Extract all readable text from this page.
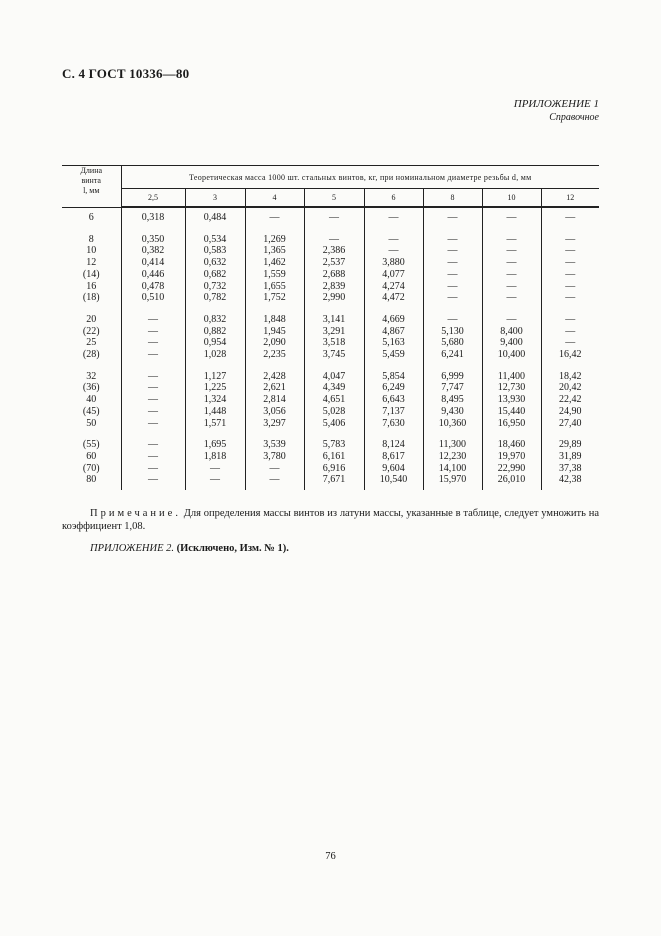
С. 4 ГОСТ 10336—80
ПРИЛОЖЕНИЕ 1
Справочное
Длина
винта
l, мм	Теоретическая масса 1000 шт. стальных винтов, кг, при номинальном диаметре резьбы d, мм							
	2,5	3	4	5	6	8	10	12
6	0,318	0,484	—	—	—	—	—	—

8	0,350	0,534	1,269	—	—	—	—	—
10	0,382	0,583	1,365	2,386	—	—	—	—
12	0,414	0,632	1,462	2,537	3,880	—	—	—
(14)	0,446	0,682	1,559	2,688	4,077	—	—	—
16	0,478	0,732	1,655	2,839	4,274	—	—	—
(18)	0,510	0,782	1,752	2,990	4,472	—	—	—

20	—	0,832	1,848	3,141	4,669	—	—	—
(22)	—	0,882	1,945	3,291	4,867	5,130	8,400	—
25	—	0,954	2,090	3,518	5,163	5,680	9,400	—
(28)	—	1,028	2,235	3,745	5,459	6,241	10,400	16,42

32	—	1,127	2,428	4,047	5,854	6,999	11,400	18,42
(36)	—	1,225	2,621	4,349	6,249	7,747	12,730	20,42
40	—	1,324	2,814	4,651	6,643	8,495	13,930	22,42
(45)	—	1,448	3,056	5,028	7,137	9,430	15,440	24,90
50	—	1,571	3,297	5,406	7,630	10,360	16,950	27,40

(55)	—	1,695	3,539	5,783	8,124	11,300	18,460	29,89
60	—	1,818	3,780	6,161	8,617	12,230	19,970	31,89
(70)	—	—	—	6,916	9,604	14,100	22,990	37,38
80	—	—	—	7,671	10,540	15,970	26,010	42,38
Примечание. Для определения массы винтов из латуни массы, указанные в таблице, следует умножить на коэффициент 1,08.
ПРИЛОЖЕНИЕ 2. (Исключено, Изм. № 1).
76
